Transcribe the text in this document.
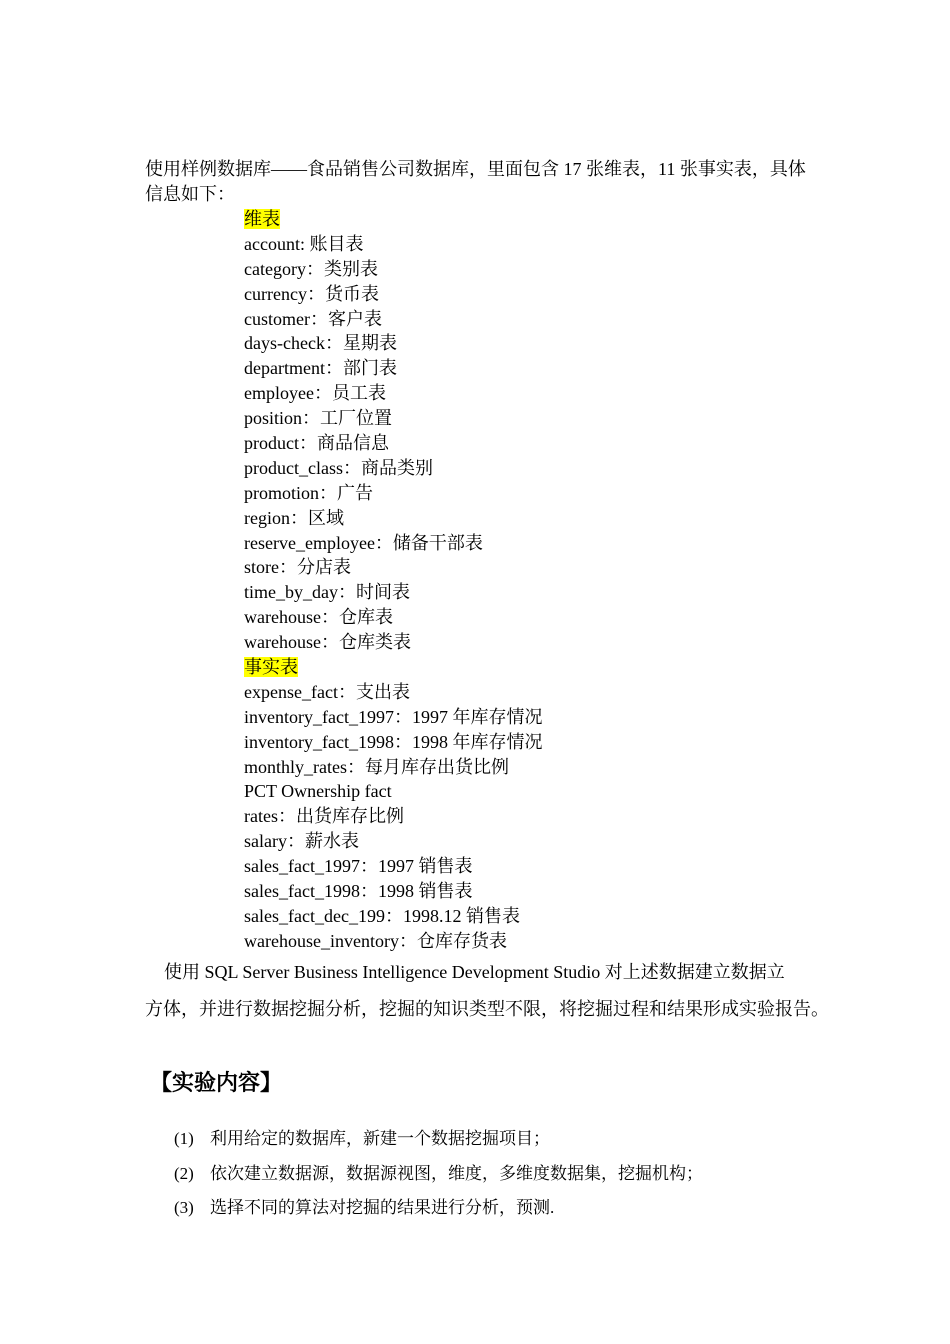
使用样例数据库——食品销售公司数据库，里面包含 17 张维表，11 张事实表，具体
信息如下：
维表
account: 账目表
category：类别表
currency：货币表
customer：客户表
days-check：星期表
department：部门表
employee：员工表
position：工厂位置
product：商品信息
product_class：商品类别
promotion：广告
region：区域
reserve_employee：储备干部表
store：分店表
time_by_day：时间表
warehouse：仓库表
warehouse：仓库类表
事实表
expense_fact：支出表
inventory_fact_1997：1997 年库存情况
inventory_fact_1998：1998 年库存情况
monthly_rates：每月库存出货比例
PCT Ownership fact
rates：出货库存比例
salary：薪水表
sales_fact_1997：1997 销售表
sales_fact_1998：1998 销售表
sales_fact_dec_199：1998.12 销售表
warehouse_inventory：仓库存货表
使用 SQL Server Business Intelligence Development Studio 对上述数据建立数据立
方体，并进行数据挖掘分析，挖掘的知识类型不限，将挖掘过程和结果形成实验报告。
【实验内容】
(1) 利用给定的数据库，新建一个数据挖掘项目；
(2) 依次建立数据源，数据源视图，维度，多维度数据集，挖掘机构；
(3) 选择不同的算法对挖掘的结果进行分析，预测.
